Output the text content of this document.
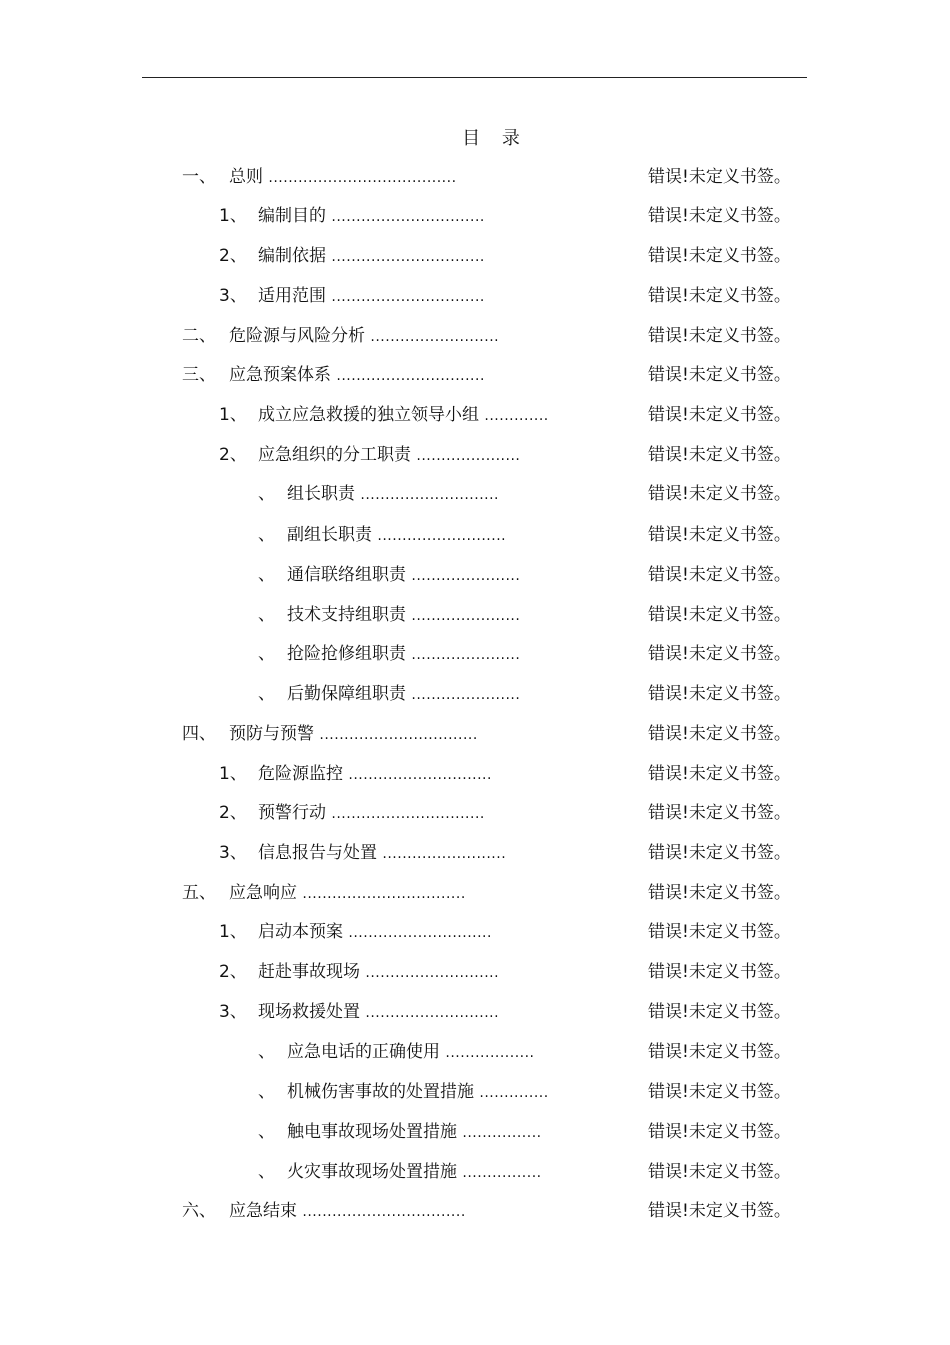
目 录
一、 总则 ......................................	错误!未定义书签。
1、 编制目的 ...............................	错误!未定义书签。
2、 编制依据 ...............................	错误!未定义书签。
3、 适用范围 ...............................	错误!未定义书签。
二、 危险源与风险分析 ..........................	错误!未定义书签。
三、 应急预案体系 ..............................	错误!未定义书签。
1、 成立应急救援的独立领导小组 .............	错误!未定义书签。
2、 应急组织的分工职责 .....................	错误!未定义书签。
、 组长职责 ............................	错误!未定义书签。
、 副组长职责 ..........................	错误!未定义书签。
、 通信联络组职责 ......................	错误!未定义书签。
、 技术支持组职责 ......................	错误!未定义书签。
、 抢险抢修组职责 ......................	错误!未定义书签。
、 后勤保障组职责 ......................	错误!未定义书签。
四、 预防与预警 ................................	错误!未定义书签。
1、 危险源监控 .............................	错误!未定义书签。
2、 预警行动 ...............................	错误!未定义书签。
3、 信息报告与处置 .........................	错误!未定义书签。
五、 应急响应 .................................	错误!未定义书签。
1、 启动本预案 .............................	错误!未定义书签。
2、 赶赴事故现场 ...........................	错误!未定义书签。
3、 现场救援处置 ...........................	错误!未定义书签。
、 应急电话的正确使用 ..................	错误!未定义书签。
、 机械伤害事故的处置措施 ..............	错误!未定义书签。
、 触电事故现场处置措施 ................	错误!未定义书签。
、 火灾事故现场处置措施 ................	错误!未定义书签。
六、 应急结束 .................................	错误!未定义书签。
